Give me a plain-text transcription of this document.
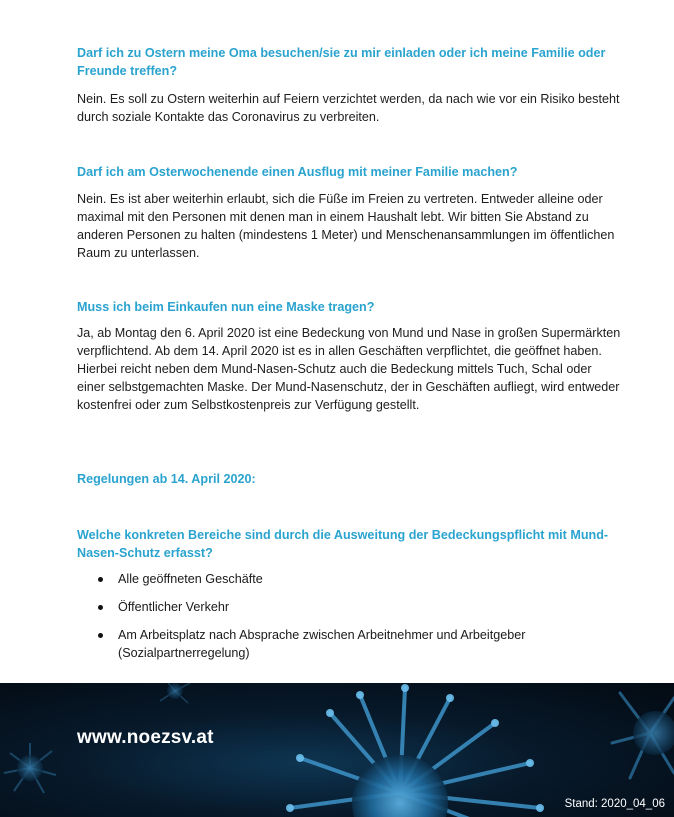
Darf ich zu Ostern meine Oma besuchen/sie zu mir einladen oder ich meine Familie oder Freunde treffen?
Nein. Es soll zu Ostern weiterhin auf Feiern verzichtet werden, da nach wie vor ein Risiko besteht durch soziale Kontakte das Coronavirus zu verbreiten.
Darf ich am Osterwochenende einen Ausflug mit meiner Familie machen?
Nein. Es ist aber weiterhin erlaubt, sich die Füße im Freien zu vertreten. Entweder alleine oder maximal mit den Personen mit denen man in einem Haushalt lebt. Wir bitten Sie Abstand zu anderen Personen zu halten (mindestens 1 Meter) und Menschenansammlungen im öffentlichen Raum zu unterlassen.
Muss ich beim Einkaufen nun eine Maske tragen?
Ja, ab Montag den 6. April 2020 ist eine Bedeckung von Mund und Nase in großen Supermärkten verpflichtend. Ab dem 14. April 2020 ist es in allen Geschäften verpflichtet, die geöffnet haben. Hierbei reicht neben dem Mund-Nasen-Schutz auch die Bedeckung mittels Tuch, Schal oder einer selbstgemachten Maske. Der Mund-Nasenschutz, der in Geschäften aufliegt, wird entweder kostenfrei oder zum Selbstkostenpreis zur Verfügung gestellt.
Regelungen ab 14. April 2020:
Welche konkreten Bereiche sind durch die Ausweitung der Bedeckungspflicht mit Mund-Nasen-Schutz erfasst?
Alle geöffneten Geschäfte
Öffentlicher Verkehr
Am Arbeitsplatz nach Absprache zwischen Arbeitnehmer und Arbeitgeber (Sozialpartnerregelung)
www.noezsv.at
Stand: 2020_04_06
